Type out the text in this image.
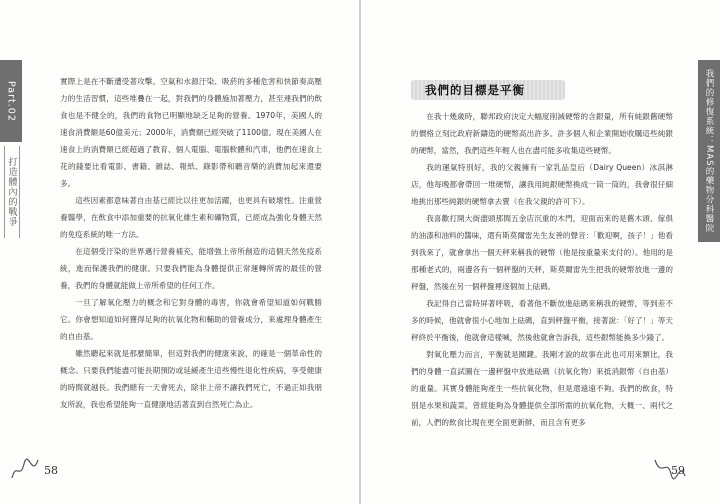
Part.02
打造體內的戰爭

實際上是在不斷遭受著攻擊。空氣和水源汙染、吸菸的多種危害和快節奏高壓力的生活習慣，這些堆疊在一起，對我們的身體施加著壓力，甚至連我們的飲食也是不健全的，我們的食物已明顯地缺乏足夠的營養。1970年，美國人的速食消費額是60億美元；2000年，消費額已經突破了1100億。現在美國人在速食上的消費額已經超過了教育、個人電腦、電腦軟體和汽車，他們在速食上花的錢要比看電影、書籍、雜誌、報紙、錄影帶和聽音樂的消費加起來還要多。

這些因素都意味著自由基已經比以往更加活躍，也更具有破壞性。注重營養醫學，在飲食中添加重要的抗氧化維生素和礦物質，已經成為強化身體天然的免疫系統的唯一方法。

在這個受汙染的世界邁行營養補充，能增強上帝所創造的這個天然免疫系統，進而保護我們的健康。只要我們能為身體提供正常運轉所需的最佳的營養，我們的身體就能做上帝所希望的任何工作。

一旦了解氧化壓力的概念和它對身體的毒害，你就會希望知道如何戰勝它。你會想知道如何獲得足夠的抗氧化物和輔助的營養成分，來處理身體產生的自由基。

雖然聽起來就是那麼簡單，但這對我們的健康來說，的確是一個革命性的概念。只要我們能盡可能長期預防或延緩產生這些慢性退化性疾病，享受健康的時間就越長。我們總有一天會死去，除非上帝不讓我們死亡，不過正如我朋友所說，我也希望能夠一直健康地活著直到自然死亡為止。

58
我們的修復系統：MAS的藥物分科醫院
我們的目標是平衡

在我十幾歲時，聯邦政府決定大幅度削減硬幣的含銀量，所有純銀舊硬幣的價格立刻比政府新鑄造的硬幣高出許多。許多個人和企業開始收購這些純銀的硬幣，當然，我們這些年輕人也在盡可能多收集這些硬幣。

我的運氣特別好，我的父親擁有一家乳品皇后（Dairy Queen）冰淇淋店，他每晚都會帶回一堆硬幣，讓我用純銀硬幣換成一筒一筒的，我會很仔細地挑出那些純銀的硬幣拿去賣（在我父親的許可下）。

我喜歡打開大街盡頭那間五金店沉重的木門，迎面而來的是舊木頭、傢俱的油漆和油料的醬味，還有斯莫爾雷先生友善的聲音：「歡迎啊，孩子！」他看到我來了，就會拿出一個天秤來稱我的硬幣（他是按重量來支付的）。他用的是那種老式的，兩邊各有一個秤盤的天秤，斯莫爾雷先生把我的硬幣放進一邊的秤盤，然後在另一個秤盤裡逐個加上砝碼。

我記得自己當時屏著呼吸，看著他不斷放進砝碼來稱我的硬幣，等到差不多的時候，他就會很小心地加上砝碼，直到秤盤平衡，接著說：「好了！」等天秤終於平衡後，他就會這樣喊，然後他就會告訴我，這些銀幣能換多少錢了。

對氧化壓力而言，平衡就是關鍵。我剛才說的故事在此也可用來類比，我們的身體一直試圖在一邊秤盤中放進砝碼（抗氧化物）來抵消銀幣（自由基）的重量。其實身體能夠產生一些抗氧化物，但是還遠遠不夠。我們的飲食，特別是水果和蔬菜，曾經能夠為身體提供全部所需的抗氧化物，大概一、兩代之前，人們的飲食比現在更全面更新鮮，而且含有更多

59
